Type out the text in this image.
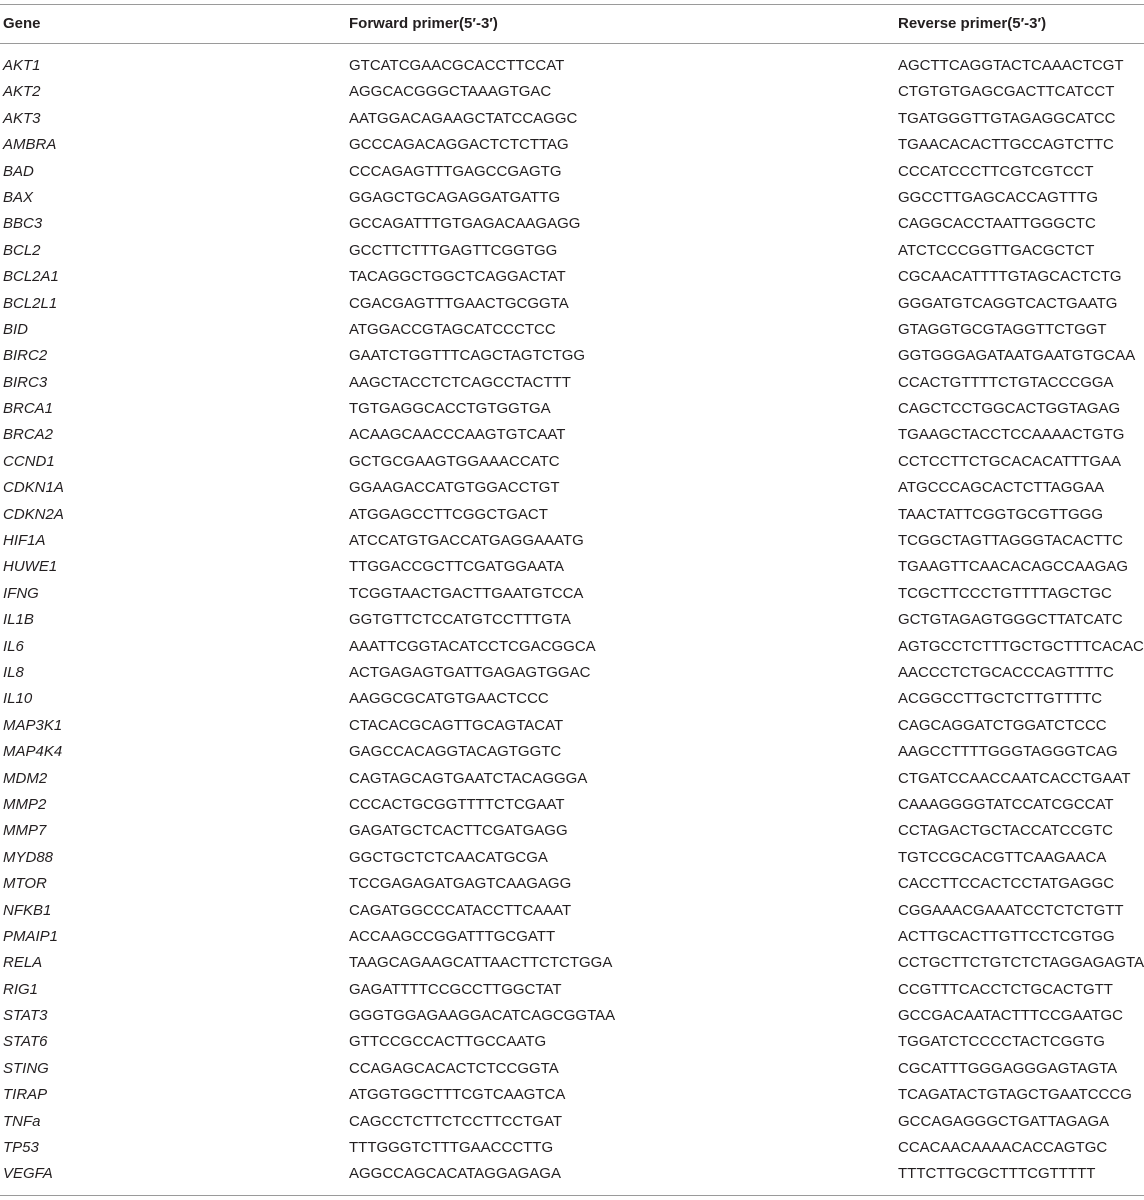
Gene	Forward primer(5′-3′)	Reverse primer(5′-3′)
AKT1	GTCATCGAACGCACCTTCCAT	AGCTTCAGGTACTCAAACTCGT
AKT2	AGGCACGGGCTAAAGTGAC	CTGTGTGAGCGACTTCATCCT
AKT3	AATGGACAGAAGCTATCCAGGC	TGATGGGTTGTAGAGGCATCC
AMBRA	GCCCAGACAGGACTCTCTTAG	TGAACACACTTGCCAGTCTTC
BAD	CCCAGAGTTTGAGCCGAGTG	CCCATCCCTTCGTCGTCCT
BAX	GGAGCTGCAGAGGATGATTG	GGCCTTGAGCACCAGTTTG
BBC3	GCCAGATTTGTGAGACAAGAGG	CAGGCACCTAATTGGGCTC
BCL2	GCCTTCTTTGAGTTCGGTGG	ATCTCCCGGTTGACGCTCT
BCL2A1	TACAGGCTGGCTCAGGACTAT	CGCAACATTTTGTAGCACTCTG
BCL2L1	CGACGAGTTTGAACTGCGGTA	GGGATGTCAGGTCACTGAATG
BID	ATGGACCGTAGCATCCCTCC	GTAGGTGCGTAGGTTCTGGT
BIRC2	GAATCTGGTTTCAGCTAGTCTGG	GGTGGGAGATAATGAATGTGCAA
BIRC3	AAGCTACCTCTCAGCCTACTTT	CCACTGTTTTCTGTACCCGGA
BRCA1	TGTGAGGCACCTGTGGTGA	CAGCTCCTGGCACTGGTAGAG
BRCA2	ACAAGCAACCCAAGTGTCAAT	TGAAGCTACCTCCAAAACTGTG
CCND1	GCTGCGAAGTGGAAACCATC	CCTCCTTCTGCACACATTTGAA
CDKN1A	GGAAGACCATGTGGACCTGT	ATGCCCAGCACTCTTAGGAA
CDKN2A	ATGGAGCCTTCGGCTGACT	TAACTATTCGGTGCGTTGGG
HIF1A	ATCCATGTGACCATGAGGAAATG	TCGGCTAGTTAGGGTACACTTC
HUWE1	TTGGACCGCTTCGATGGAATA	TGAAGTTCAACACAGCCAAGAG
IFNG	TCGGTAACTGACTTGAATGTCCA	TCGCTTCCCTGTTTTAGCTGC
IL1B	GGTGTTCTCCATGTCCTTTGTA	GCTGTAGAGTGGGCTTATCATC
IL6	AAATTCGGTACATCCTCGACGGCA	AGTGCCTCTTTGCTGCTTTCACAC
IL8	ACTGAGAGTGATTGAGAGTGGAC	AACCCTCTGCACCCAGTTTTC
IL10	AAGGCGCATGTGAACTCCC	ACGGCCTTGCTCTTGTTTTC
MAP3K1	CTACACGCAGTTGCAGTACAT	CAGCAGGATCTGGATCTCCC
MAP4K4	GAGCCACAGGTACAGTGGTC	AAGCCTTTTGGGTAGGGTCAG
MDM2	CAGTAGCAGTGAATCTACAGGGA	CTGATCCAACCAATCACCTGAAT
MMP2	CCCACTGCGGTTTTCTCGAAT	CAAAGGGGTATCCATCGCCAT
MMP7	GAGATGCTCACTTCGATGAGG	CCTAGACTGCTACCATCCGTC
MYD88	GGCTGCTCTCAACATGCGA	TGTCCGCACGTTCAAGAACA
MTOR	TCCGAGAGATGAGTCAAGAGG	CACCTTCCACTCCTATGAGGC
NFKB1	CAGATGGCCCATACCTTCAAAT	CGGAAACGAAATCCTCTCTGTT
PMAIP1	ACCAAGCCGGATTTGCGATT	ACTTGCACTTGTTCCTCGTGG
RELA	TAAGCAGAAGCATTAACTTCTCTGGA	CCTGCTTCTGTCTCTAGGAGAGTA
RIG1	GAGATTTTCCGCCTTGGCTAT	CCGTTTCACCTCTGCACTGTT
STAT3	GGGTGGAGAAGGACATCAGCGGTAA	GCCGACAATACTTTCCGAATGC
STAT6	GTTCCGCCACTTGCCAATG	TGGATCTCCCCTACTCGGTG
STING	CCAGAGCACACTCTCCGGTA	CGCATTTGGGAGGGAGTAGTA
TIRAP	ATGGTGGCTTTCGTCAAGTCA	TCAGATACTGTAGCTGAATCCCG
TNFa	CAGCCTCTTCTCCTTCCTGAT	GCCAGAGGGCTGATTAGAGA
TP53	TTTGGGTCTTTGAACCCTTG	CCACAACAAAACACCAGTGC
VEGFA	AGGCCAGCACATAGGAGAGA	TTTCTTGCGCTTTCGTTTTT
